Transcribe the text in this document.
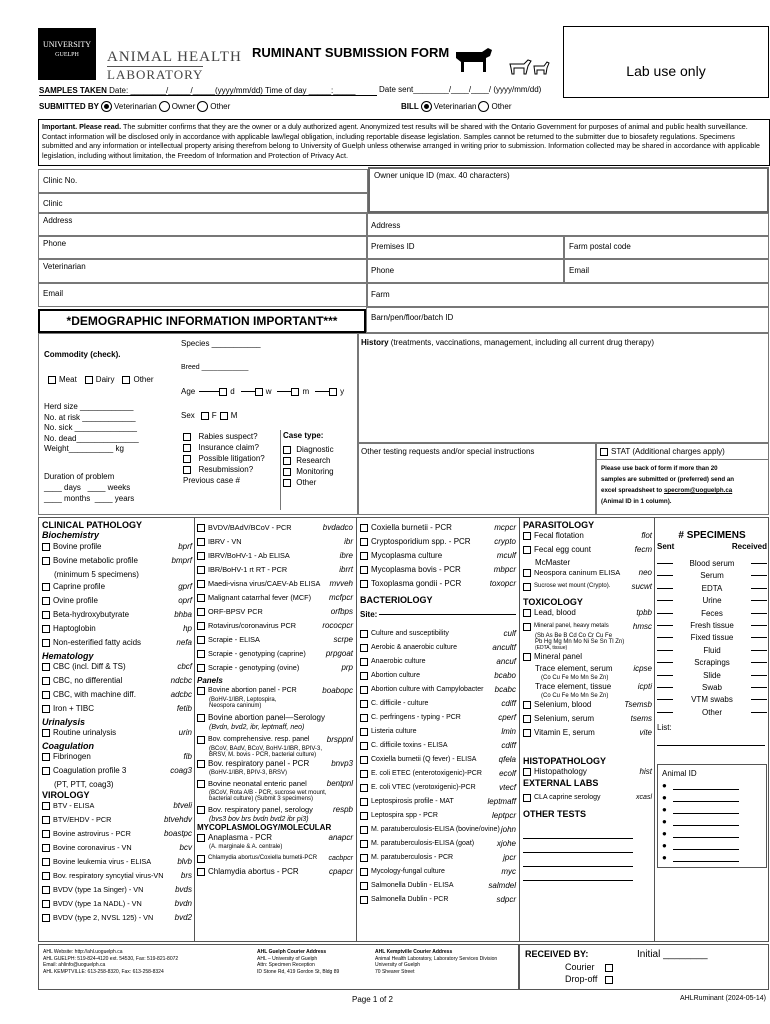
UNIVERSITY
GUELPH	ANIMAL HEALTH
LABORATORY
RUMINANT SUBMISSION FORM
Lab use only
SAMPLES TAKEN
Date: ________/_____/_____(yyyy/mm/dd) Time of day _____:_____	Date sent________/____/____/ (yyyy/mm/dd)
SUBMITTED BY Veterinarian Owner Other	BILL Veterinarian Other
Important. Please read. The submitter confirms that they are the owner or a duly authorized agent. Anonymized test results will be shared with the Ontario Government for purposes of animal and public health surveillance. Contact information will be disclosed only in accordance with applicable law/legal obligation, including reportable disease legislation. Samples cannot be returned to the submitter due to biosafety regulations. Specimens submitted and any information or intellectual property arising therefrom belong to University of Guelph unless otherwise arranged in writing prior to submission. Information collected may be shared in accordance with applicable legislation, including without limitation, the Freedom of Information and Protection of Privacy Act.
Clinic No.
Owner unique ID (max. 40 characters)
Clinic
Address
Address
Phone	Premises ID	Farm postal code
Veterinarian	Phone	Email
Email	Farm
*DEMOGRAPHIC INFORMATION IMPORTANT***	Barn/pen/floor/batch ID
Species ___________
Commodity (check).
Breed ____________
Meat Dairy Other
Age	d	w	m	y
Herd size ____________
No. at risk ____________
No. sick ______________
No. dead______________
Weight__________ kg
Sex F M

Rabies suspect?

Insurance claim?

Possible litigation?

Resubmission?
Previous case #
Case type:

Diagnostic

Research

Monitoring

Other
Duration of problem
____ days ____ weeks
____ months ____ years
History (treatments, vaccinations, management, including all current drug therapy)
Other testing requests and/or special instructions	STAT (Additional charges apply)
Please use back of form if more than 20
samples are submitted or (preferred) send an
excel spreadsheet to specrom@uoguelph.ca
(Animal ID in 1 column).
CLINICAL PATHOLOGY
Biochemistry
Bovine profile	bprf
Bovine metabolic profile	bmprf
(minimum 5 specimens)
Caprine profile	gprf
Ovine profile	oprf
Beta-hydroxybutyrate	bhba
Haptoglobin	hp
Non-esterified fatty acids	nefa
Hematology
CBC (incl. Diff & TS)	cbcf
CBC, no differential	ndcbc
CBC, with machine diff.	adcbc
Iron + TIBC	fetib
Urinalysis
Routine urinalysis	urin
Coagulation
Fibrinogen	fib
Coagulation profile 3	coag3
(PT, PTT, coag3)
VIROLOGY
BTV - ELISA	btveli
BTV/EHDV - PCR	btvehdv
Bovine astrovirus - PCR	boastpc
Bovine coronavirus - VN	bcv
Bovine leukemia virus - ELISA	blvb
Bov. respiratory syncytial virus-VN brs
BVDV (type 1a Singer) - VN	bvds
BVDV (type 1a NADL) - VN	bvdn
BVDV (type 2, NVSL 125) - VN	bvd2
BVDV/BAdV/BCoV - PCR	bvdadco
IBRV - VN	ibr
IBRV/BoHV-1 - Ab ELISA	ibre
IBR/BoHV-1 rt RT - PCR	ibrrt
Maedi-visna virus/CAEV-Ab ELISA mvveh
Malignant catarrhal fever (MCF) mcfpcr
ORF-BPSV PCR	orfbps
Rotavirus/coronavirus PCR	rococpcr
Scrapie - ELISA	scrpe
Scrapie - genotyping (caprine)	prpgoat
Scrapie - genotyping (ovine)	prp
Panels
Bovine abortion panel - PCR	boabopc
(BoHV-1/IBR, Leptospira,
Neospora caninum)
Bovine abortion panel—Serology
(Bvdn, bvd2, ibr, leptmaff, neo)
Bov. comprehensive. resp. panel brsppnl
(BCoV, BAdV, BCoV, BoHV-1/IBR, BPIV-3,
BRSV, M. bovis - PCR, bacterial culture)
Bov. respiratory panel - PCR	bnvp3
(BoHV-1/IBR, BPIV-3, BRSV)
Bovine neonatal enteric panel bentpnl
(BCoV, Rota A/B - PCR, sucrose wet mount,
bacterial culture) (Submit 3 specimens)
Bov. respiratory panel, serology	respb
(bvs3 bov brs bvdn bvd2 ibr pi3)
MYCOPLASMOLOGY/MOLECULAR
Anaplasma - PCR	anapcr
(A. marginale & A. centrale)
Chlamydia abortus/Coxiella burnetii-PCR cacbpcr
Chlamydia abortus - PCR	cpapcr
Coxiella burnetii - PCR	mcpcr
Cryptosporidium spp. - PCR	crypto
Mycoplasma culture	mculf
Mycoplasma bovis - PCR	mbpcr
Toxoplasma gondii - PCR	toxopcr
BACTERIOLOGY
Site:
Culture and susceptibility	culf
Aerobic & anaerobic culture	ancultf
Anaerobic culture	ancuf
Abortion culture	bcabo
Abortion culture with Campylobacter bcabc
C. difficile - culture	cdiff
C. perfringens - typing - PCR	cperf
Listeria culture	lmin
C. difficile toxins - ELISA	cdiff
Coxiella burnetii (Q fever) - ELISA	qfela
E. coli ETEC (enterotoxigenic)-PCR ecolf
E. coli VTEC (verotoxigenic)-PCR	vtecf
Leptospirosis profile - MAT	leptmaff
Leptospira spp - PCR	leptpcr
M. paratuberculosis-ELISA (bovine/ovine) john
M. paratuberculosis-ELISA (goat)	xjohe
M. paratuberculosis - PCR	jpcr
Mycology-fungal culture	myc
Salmonella Dublin - ELISA	salmdel
Salmonella Dublin - PCR	sdpcr
PARASITOLOGY
Fecal flotation	flot
Fecal egg count	fecm
McMaster
Neospora caninum ELISA neo
Sucrose wet mount (Crypto).	sucwt
TOXICOLOGY
Lead, blood	tpbb
Mineral panel, heavy metals	hmsc
(Sb As Be B Cd Co Cr Cu Fe
Pb Hg Mg Mn Mo Ni Se Sn Tl Zn)
(EDTA, tissue)
Mineral panel
Trace element, serum	icpse
(Co Cu Fe Mo Mn Se Zn)
Trace element, tissue	icpti
(Co Cu Fe Mo Mn Se Zn)
Selenium, blood	Tsemsb
Selenium, serum	tsems
Vitamin E, serum	vite
HISTOPATHOLOGY
Histopathology	hist
EXTERNAL LABS
CLA caprine serology	xcasl
OTHER TESTS
# SPECIMENS
Sent	Received
Blood serum
Serum
EDTA
Urine
Feces
Fresh tissue
Fixed tissue
Fluid
Scrapings
Slide
Swab
VTM swabs
Other
List:
Animal ID
●
●
●
●
●
●
●
AHL Website: http://ahl.uoguelph.ca
AHL GUELPH: 519-824-4120 ext. 54530, Fax: 519-821-8072
Email: ahlinfo@uoguelph.ca
AHL KEMPTVILLE: 613-258-8320, Fax: 613-258-8324
AHL Guelph Courier Address
AHL – University of Guelph
Attn: Specimen Reception
ID Stone Rd, 419 Gordon St, Bldg 89
AHL Kemptville Courier Address
Animal Health Laboratory, Laboratory Services Division
University of Guelph
70 Shearer Street
RECEIVED BY:	Initial ________
Courier

Drop-off

Page 1 of 2	AHLRuminant (2024-05-14)
